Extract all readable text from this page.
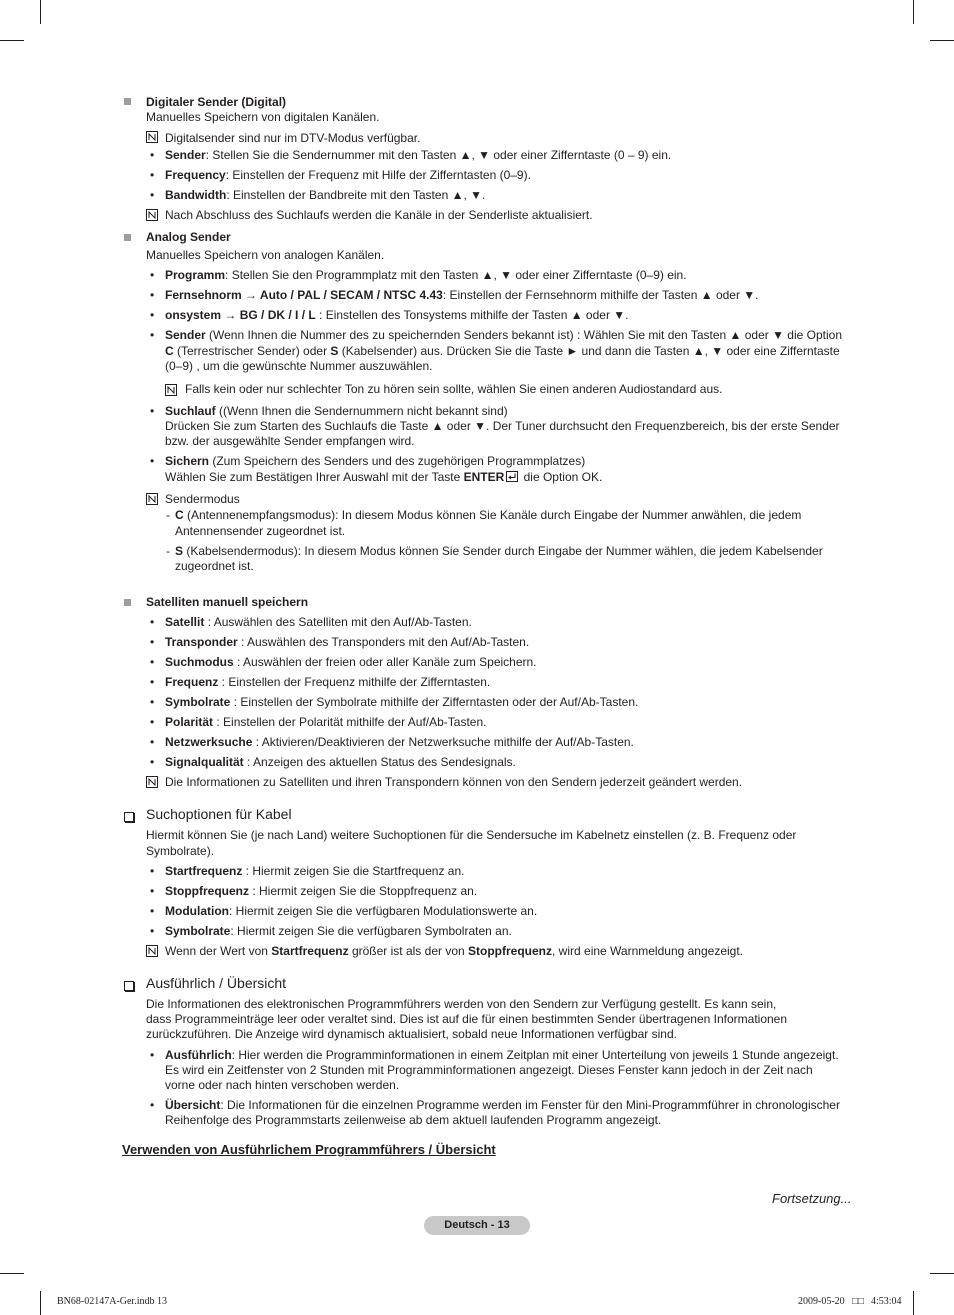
Digitaler Sender (Digital)
Manuelles Speichern von digitalen Kanälen.
Digitalsender sind nur im DTV-Modus verfügbar.
• Sender: Stellen Sie die Sendernummer mit den Tasten ▲, ▼ oder einer Zifferntaste (0 – 9) ein.
• Frequency: Einstellen der Frequenz mit Hilfe der Zifferntasten (0–9).
• Bandwidth: Einstellen der Bandbreite mit den Tasten ▲, ▼.
Nach Abschluss des Suchlaufs werden die Kanäle in der Senderliste aktualisiert.
Analog Sender
Manuelles Speichern von analogen Kanälen.
• Programm: Stellen Sie den Programmplatz mit den Tasten ▲, ▼ oder einer Zifferntaste (0–9) ein.
• Fernsehnorm → Auto / PAL / SECAM / NTSC 4.43: Einstellen der Fernsehnorm mithilfe der Tasten ▲ oder ▼.
• onsystem → BG / DK / I / L : Einstellen des Tonsystems mithilfe der Tasten ▲ oder ▼.
• Sender (Wenn Ihnen die Nummer des zu speichernden Senders bekannt ist) : Wählen Sie mit den Tasten ▲ oder ▼ die Option
C (Terrestrischer Sender) oder S (Kabelsender) aus. Drücken Sie die Taste ► und dann die Tasten ▲, ▼ oder eine Zifferntaste
(0–9) , um die gewünschte Nummer auszuwählen.
Falls kein oder nur schlechter Ton zu hören sein sollte, wählen Sie einen anderen Audiostandard aus.
• Suchlauf ((Wenn Ihnen die Sendernummern nicht bekannt sind)
Drücken Sie zum Starten des Suchlaufs die Taste ▲ oder ▼. Der Tuner durchsucht den Frequenzbereich, bis der erste Sender
bzw. der ausgewählte Sender empfangen wird.
• Sichern (Zum Speichern des Senders und des zugehörigen Programmplatzes)
Wählen Sie zum Bestätigen Ihrer Auswahl mit der Taste ENTER die Option OK.
Sendermodus
- C (Antennenempfangsmodus): In diesem Modus können Sie Kanäle durch Eingabe der Nummer anwählen, die jedem
Antennensender zugeordnet ist.
- S (Kabelsendermodus): In diesem Modus können Sie Sender durch Eingabe der Nummer wählen, die jedem Kabelsender
zugeordnet ist.
Satelliten manuell speichern
• Satellit : Auswählen des Satelliten mit den Auf/Ab-Tasten.
• Transponder : Auswählen des Transponders mit den Auf/Ab-Tasten.
• Suchmodus : Auswählen der freien oder aller Kanäle zum Speichern.
• Frequenz : Einstellen der Frequenz mithilfe der Zifferntasten.
• Symbolrate : Einstellen der Symbolrate mithilfe der Zifferntasten oder der Auf/Ab-Tasten.
• Polarität : Einstellen der Polarität mithilfe der Auf/Ab-Tasten.
• Netzwerksuche : Aktivieren/Deaktivieren der Netzwerksuche mithilfe der Auf/Ab-Tasten.
• Signalqualität : Anzeigen des aktuellen Status des Sendesignals.
Die Informationen zu Satelliten und ihren Transpondern können von den Sendern jederzeit geändert werden.
Suchoptionen für Kabel
Hiermit können Sie (je nach Land) weitere Suchoptionen für die Sendersuche im Kabelnetz einstellen (z. B. Frequenz oder
Symbolrate).
• Startfrequenz : Hiermit zeigen Sie die Startfrequenz an.
• Stoppfrequenz : Hiermit zeigen Sie die Stoppfrequenz an.
• Modulation: Hiermit zeigen Sie die verfügbaren Modulationswerte an.
• Symbolrate: Hiermit zeigen Sie die verfügbaren Symbolraten an.
Wenn der Wert von Startfrequenz größer ist als der von Stoppfrequenz, wird eine Warnmeldung angezeigt.
Ausführlich / Übersicht
Die Informationen des elektronischen Programmführers werden von den Sendern zur Verfügung gestellt. Es kann sein,
dass Programmeinträge leer oder veraltet sind. Dies ist auf die für einen bestimmten Sender übertragenen Informationen
zurückzuführen. Die Anzeige wird dynamisch aktualisiert, sobald neue Informationen verfügbar sind.
• Ausführlich: Hier werden die Programminformationen in einem Zeitplan mit einer Unterteilung von jeweils 1 Stunde angezeigt.
Es wird ein Zeitfenster von 2 Stunden mit Programminformationen angezeigt. Dieses Fenster kann jedoch in der Zeit nach
vorne oder nach hinten verschoben werden.
• Übersicht: Die Informationen für die einzelnen Programme werden im Fenster für den Mini-Programmführer in chronologischer
Reihenfolge des Programmstarts zeilenweise ab dem aktuell laufenden Programm angezeigt.
Verwenden von Ausführlichem Programmführers / Übersicht
Fortsetzung...
Deutsch - 13
BN68-02147A-Ger.indb 13	2009-05-20 □□ 4:53:04
